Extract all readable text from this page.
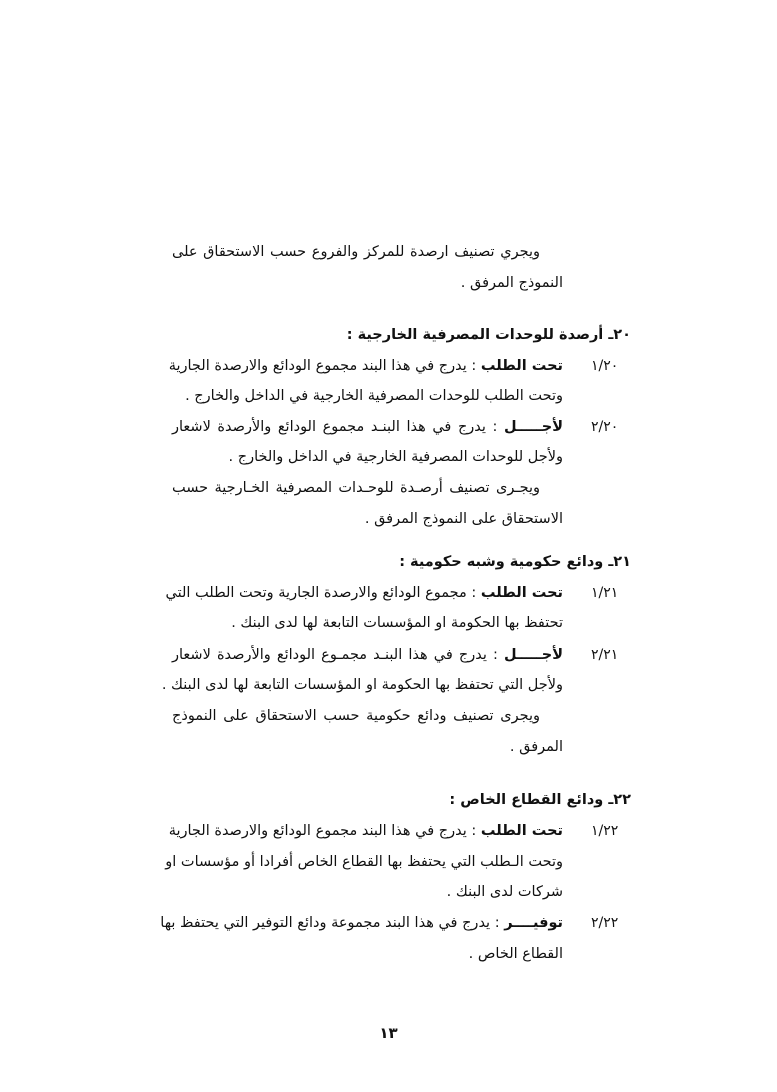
ويجري تصنيف ارصدة للمركز والفروع حسب الاستحقاق على
النموذج المرفق .
٢٠ـ أرصدة للوحدات المصرفية الخارجية :
١/٢٠
تحت الطلب : يدرج في هذا البند مجموع الودائع والارصدة الجارية
وتحت الطلب للوحدات المصرفية الخارجية في الداخل والخارج .
٢/٢٠
لأجـــــل : يدرج في هذا البنـد مجموع الودائع والأرصدة لاشعار
ولأجل للوحدات المصرفية الخارجية في الداخل والخارج .
ويجـرى تصنيف أرصـدة للوحـدات المصرفية الخـارجية حسب
الاستحقاق على النموذج المرفق .
٢١ـ ودائع حكومية وشبه حكومية :
١/٢١
تحت الطلب : مجموع الودائع والارصدة الجارية وتحت الطلب التي
تحتفظ بها الحكومة او المؤسسات التابعة لها لدى البنك .
٢/٢١
لأجـــــل : يدرج في هذا البنـد مجمـوع الودائع والأرصدة لاشعار
ولأجل التي تحتفظ بها الحكومة او المؤسسات التابعة لها لدى البنك .
ويجرى تصنيف ودائع حكومية حسب الاستحقاق على النموذج
المرفق .
٢٢ـ ودائع القطاع الخاص :
١/٢٢
تحت الطلب : يدرج في هذا البند مجموع الودائع والارصدة الجارية
وتحت الـطلب التي يحتفظ بها القطاع الخاص أفرادا أو مؤسسات او
شركات لدى البنك .
٢/٢٢
توفيــــر : يدرج في هذا البند مجموعة ودائع التوفير التي يحتفظ بها
القطاع الخاص .
١٣
